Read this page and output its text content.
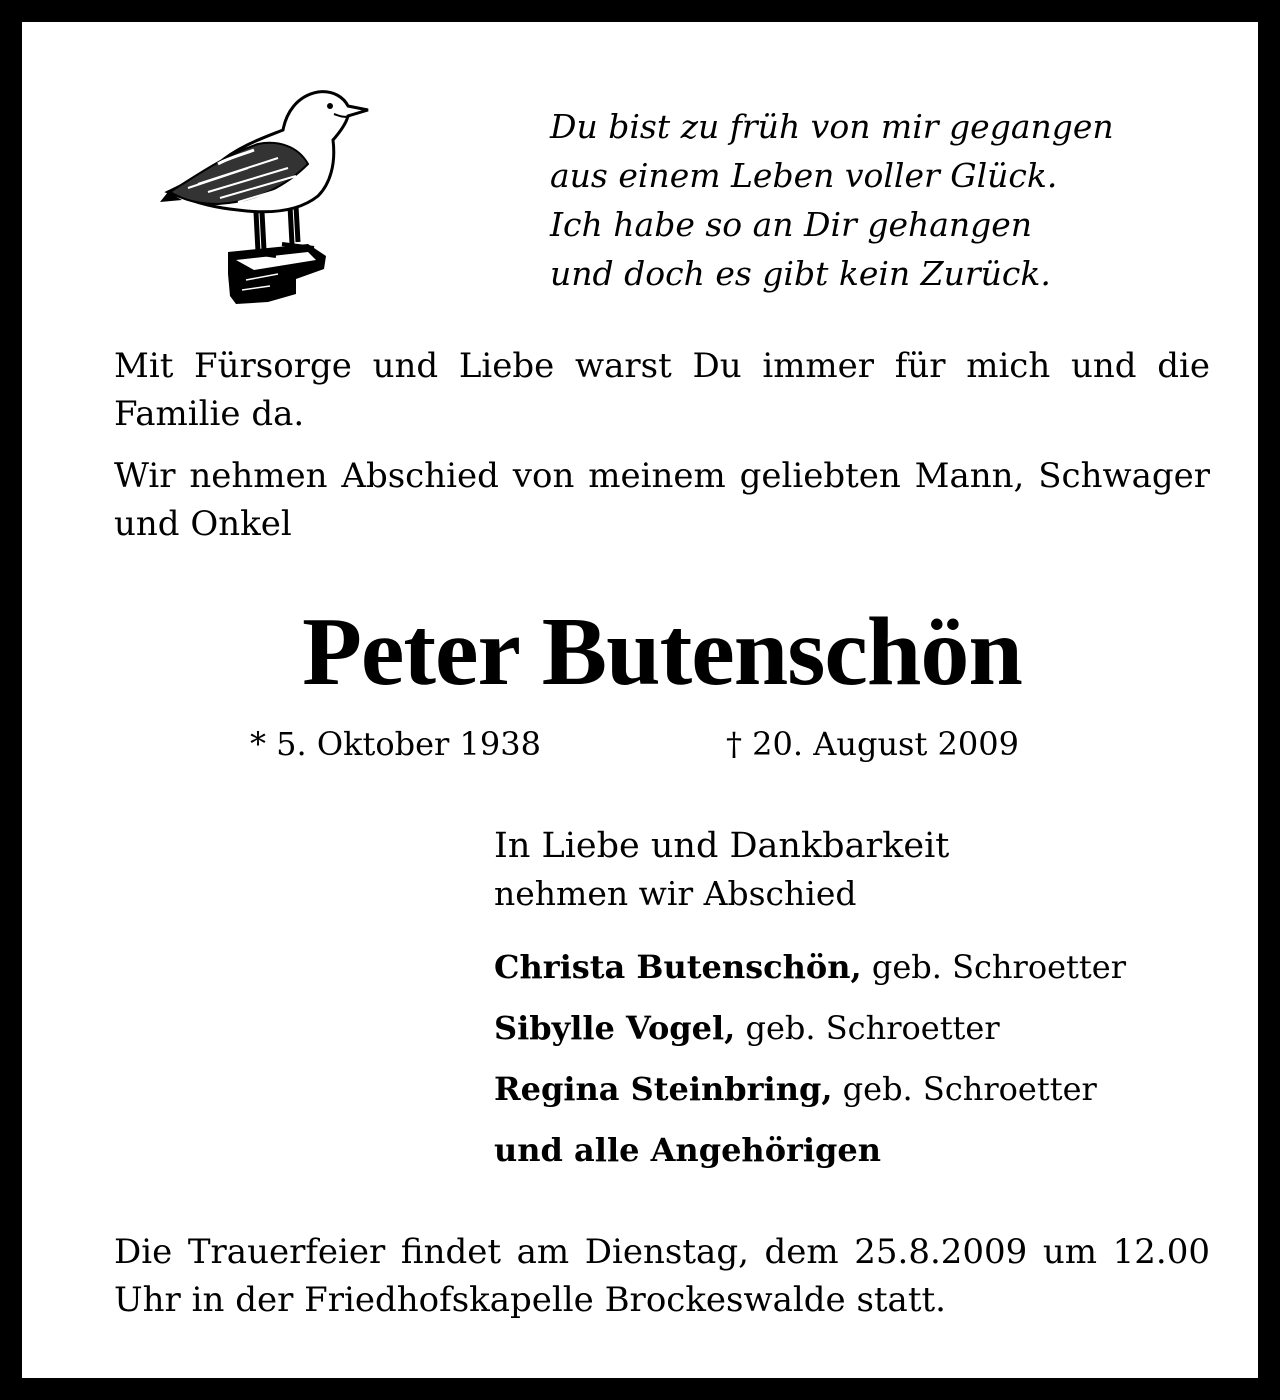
Du bist zu früh von mir gegangen
aus einem Leben voller Glück.
Ich habe so an Dir gehangen
und doch es gibt kein Zurück.
Mit Fürsorge und Liebe warst Du immer für mich und die Familie da.
Wir nehmen Abschied von meinem geliebten Mann, Schwager und Onkel
Peter Butenschön
* 5. Oktober 1938	† 20. August 2009
In Liebe und Dankbarkeit
nehmen wir Abschied
Christa Butenschön, geb. Schroetter
Sibylle Vogel, geb. Schroetter
Regina Steinbring, geb. Schroetter
und alle Angehörigen
Die Trauerfeier findet am Dienstag, dem 25.8.2009 um 12.00 Uhr in der Friedhofskapelle Brockeswalde statt.
